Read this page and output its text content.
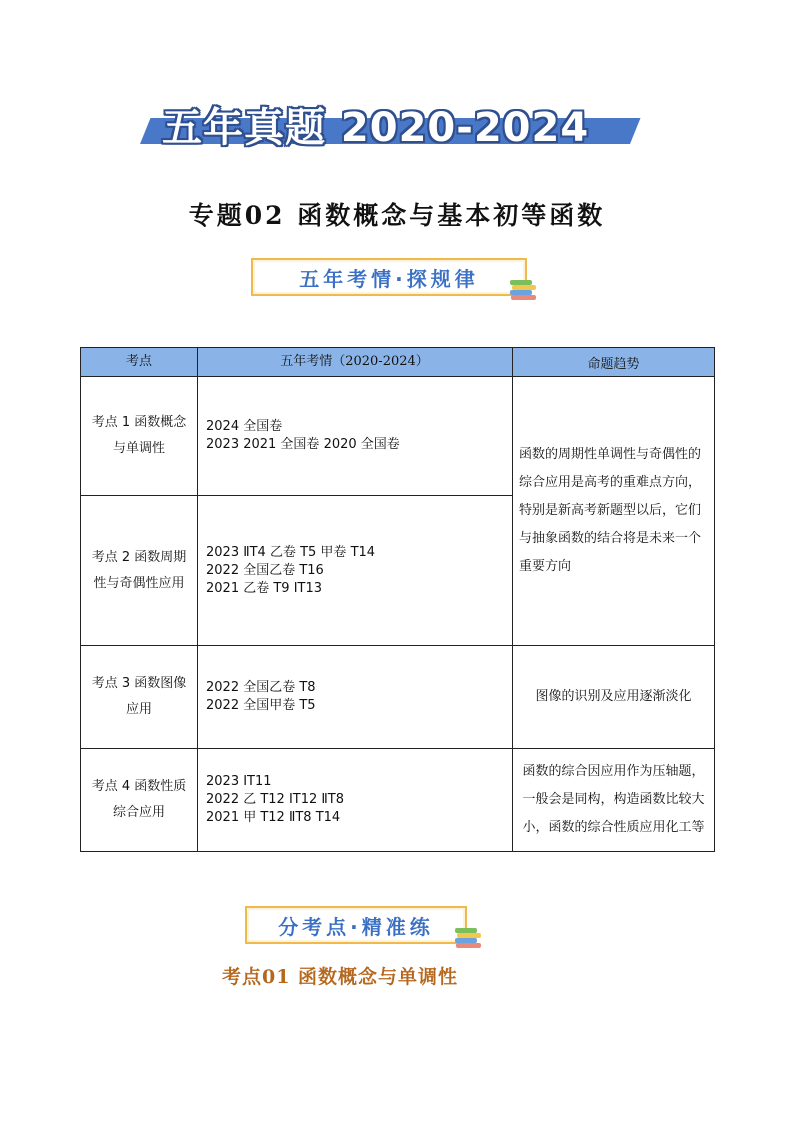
五年真题 2020-2024
专题02 函数概念与基本初等函数
五年考情·探规律
考点	五年考情（2020-2024）	命题趋势
考点 1 函数概念与单调性	2024 全国卷
2023 2021 全国卷 2020 全国卷	函数的周期性单调性与奇偶性的综合应用是高考的重难点方向，特别是新高考新题型以后，它们与抽象函数的结合将是未来一个重要方向
考点 2 函数周期性与奇偶性应用	2023 ⅡT4 乙卷 T5 甲卷 T14
2022 全国乙卷 T16
2021 乙卷 T9 ⅠT13	

考点 3 函数图像应用	2022 全国乙卷 T8
2022 全国甲卷 T5	图像的识别及应用逐渐淡化
考点 4 函数性质综合应用	2023 ⅠT11
2022 乙 T12 ⅠT12 ⅡT8
2021 甲 T12 ⅡT8 T14	函数的综合因应用作为压轴题，一般会是同构，构造函数比较大小，函数的综合性质应用化工等
分考点·精准练
考点01 函数概念与单调性
